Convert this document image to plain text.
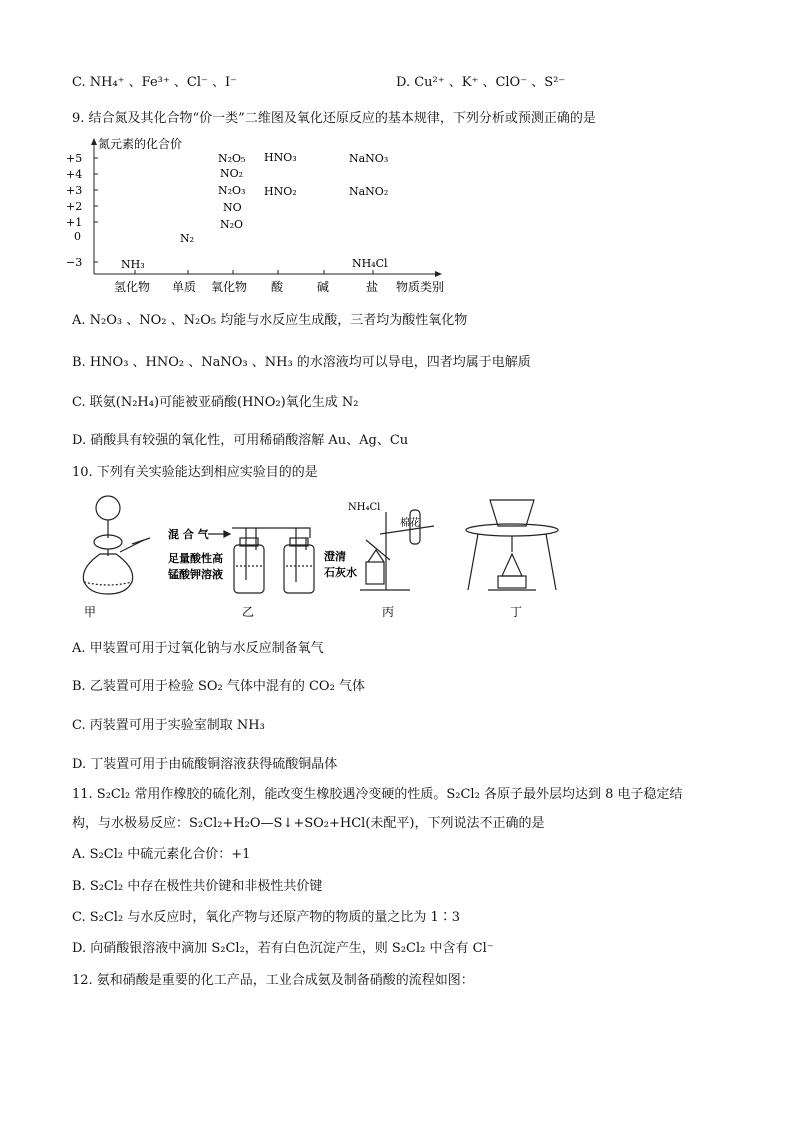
C. NH₄⁺ 、Fe³⁺ 、Cl⁻ 、I⁻	D. Cu²⁺ 、K⁺ 、ClO⁻ 、S²⁻
9. 结合氮及其化合物“价一类”二维图及氧化还原反应的基本规律，下列分析或预测正确的是
氮元素的化合价
+5
+4
+3
+2
+1
0
−3
氢化物 单质 氧化物 酸	碱	盐 物质类别
N₂O₅
NO₂
N₂O₃
NO
N₂O
N₂
NH₃
HNO₃
HNO₂
NaNO₃
NaNO₂
NH₄Cl
A. N₂O₃ 、NO₂ 、N₂O₅ 均能与水反应生成酸，三者均为酸性氧化物
B. HNO₃ 、HNO₂ 、NaNO₃ 、NH₃ 的水溶液均可以导电，四者均属于电解质
C. 联氨(N₂H₄)可能被亚硝酸(HNO₂)氧化生成 N₂
D. 硝酸具有较强的氧化性，可用稀硝酸溶解 Au、Ag、Cu
10. 下列有关实验能达到相应实验目的的是
甲
混 合 气
足量酸性高
锰酸钾溶液
澄清
石灰水
乙
NH₄Cl
棉花
丙	丁
A. 甲装置可用于过氧化钠与水反应制备氧气
B. 乙装置可用于检验 SO₂ 气体中混有的 CO₂ 气体
C. 丙装置可用于实验室制取 NH₃
D. 丁装置可用于由硫酸铜溶液获得硫酸铜晶体
11. S₂Cl₂ 常用作橡胶的硫化剂，能改变生橡胶遇冷变硬的性质。S₂Cl₂ 各原子最外层均达到 8 电子稳定结
构，与水极易反应：S₂Cl₂+H₂O—S↓+SO₂+HCl(未配平)，下列说法不正确的是
A. S₂Cl₂ 中硫元素化合价：+1
B. S₂Cl₂ 中存在极性共价键和非极性共价键
C. S₂Cl₂ 与水反应时，氧化产物与还原产物的物质的量之比为 1∶3
D. 向硝酸银溶液中滴加 S₂Cl₂，若有白色沉淀产生，则 S₂Cl₂ 中含有 Cl⁻
12. 氨和硝酸是重要的化工产品，工业合成氨及制备硝酸的流程如图：
